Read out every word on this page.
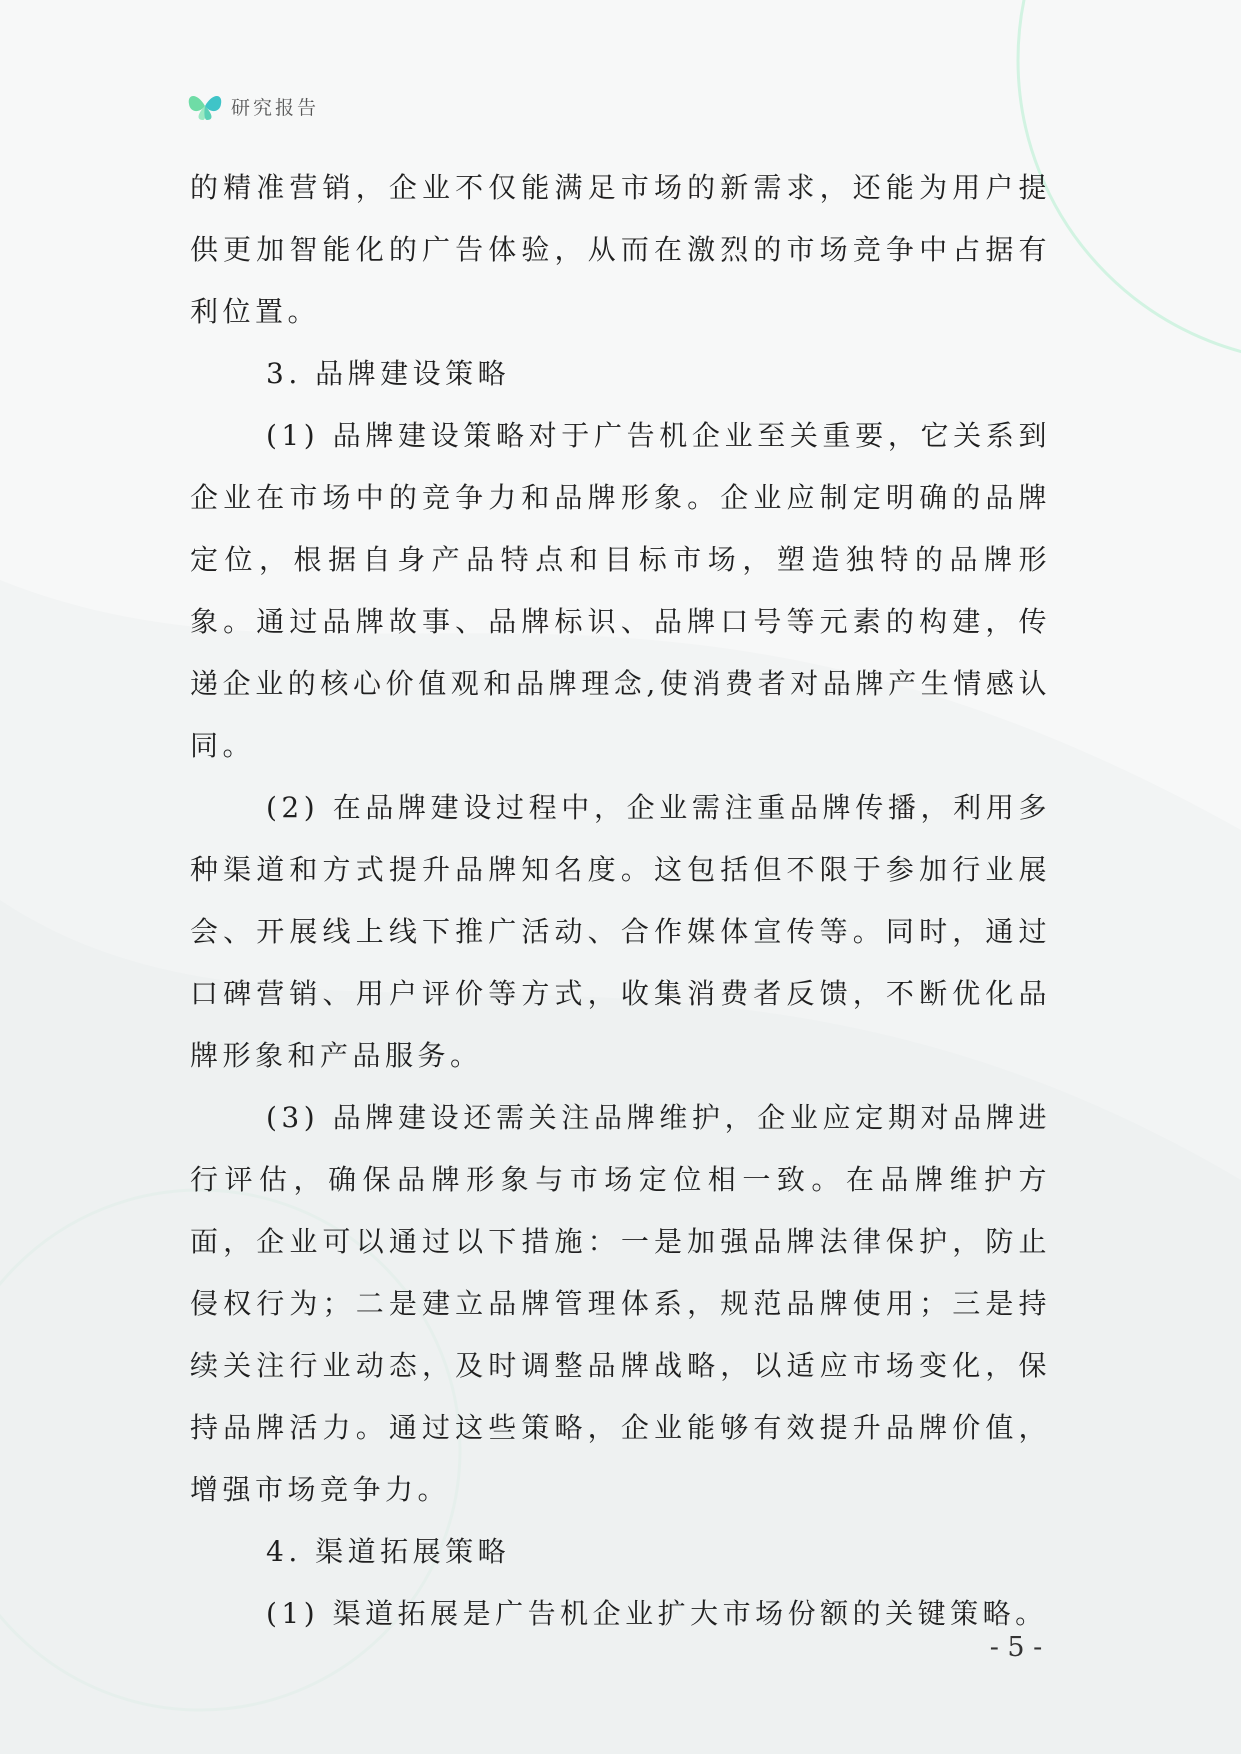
研究报告

的精准营销，企业不仅能满足市场的新需求，还能为用户提供更加智能化的广告体验，从而在激烈的市场竞争中占据有利位置。

3. 品牌建设策略

(1) 品牌建设策略对于广告机企业至关重要，它关系到企业在市场中的竞争力和品牌形象。企业应制定明确的品牌定位，根据自身产品特点和目标市场，塑造独特的品牌形象。通过品牌故事、品牌标识、品牌口号等元素的构建，传递企业的核心价值观和品牌理念,使消费者对品牌产生情感认同。

(2) 在品牌建设过程中，企业需注重品牌传播，利用多种渠道和方式提升品牌知名度。这包括但不限于参加行业展会、开展线上线下推广活动、合作媒体宣传等。同时，通过口碑营销、用户评价等方式，收集消费者反馈，不断优化品牌形象和产品服务。

(3) 品牌建设还需关注品牌维护，企业应定期对品牌进行评估，确保品牌形象与市场定位相一致。在品牌维护方面，企业可以通过以下措施：一是加强品牌法律保护，防止侵权行为；二是建立品牌管理体系，规范品牌使用；三是持续关注行业动态，及时调整品牌战略，以适应市场变化，保持品牌活力。通过这些策略，企业能够有效提升品牌价值，增强市场竞争力。

4. 渠道拓展策略

(1) 渠道拓展是广告机企业扩大市场份额的关键策略。

- 5 -
